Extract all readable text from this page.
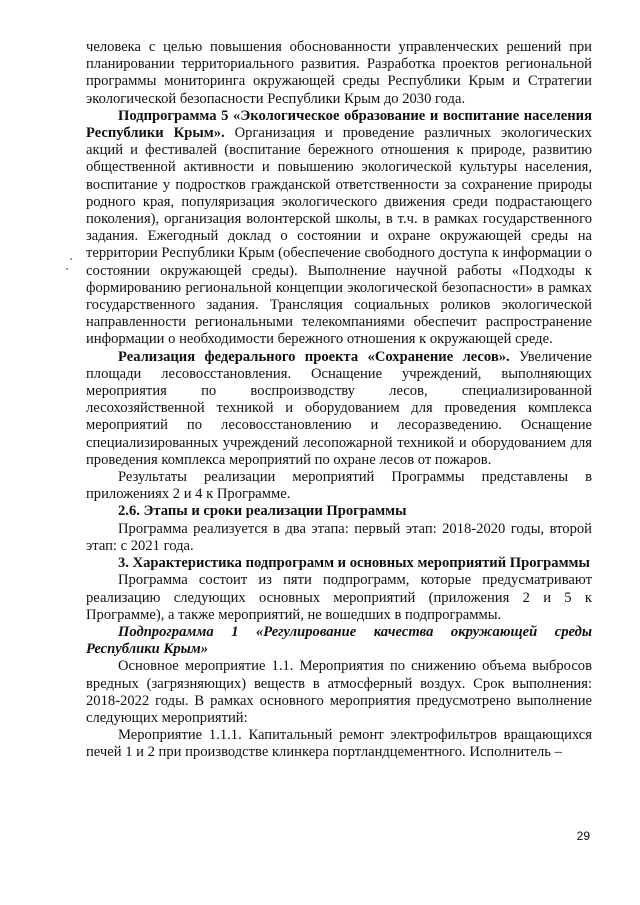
человека с целью повышения обоснованности управленческих решений при планировании территориального развития. Разработка проектов региональной программы мониторинга окружающей среды Республики Крым и Стратегии экологической безопасности Республики Крым до 2030 года.

Подпрограмма 5 «Экологическое образование и воспитание населения Республики Крым». Организация и проведение различных экологических акций и фестивалей (воспитание бережного отношения к природе, развитию общественной активности и повышению экологической культуры населения, воспитание у подростков гражданской ответственности за сохранение природы родного края, популяризация экологического движения среди подрастающего поколения), организация волонтерской школы, в т.ч. в рамках государственного задания. Ежегодный доклад о состоянии и охране окружающей среды на территории Республики Крым (обеспечение свободного доступа к информации о состоянии окружающей среды). Выполнение научной работы «Подходы к формированию региональной концепции экологической безопасности» в рамках государственного задания. Трансляция социальных роликов экологической направленности региональными телекомпаниями обеспечит распространение информации о необходимости бережного отношения к окружающей среде.

Реализация федерального проекта «Сохранение лесов». Увеличение площади лесовосстановления. Оснащение учреждений, выполняющих мероприятия по воспроизводству лесов, специализированной лесохозяйственной техникой и оборудованием для проведения комплекса мероприятий по лесовосстановлению и лесоразведению. Оснащение специализированных учреждений лесопожарной техникой и оборудованием для проведения комплекса мероприятий по охране лесов от пожаров.

Результаты реализации мероприятий Программы представлены в приложениях 2 и 4 к Программе.

2.6. Этапы и сроки реализации Программы

Программа реализуется в два этапа: первый этап: 2018-2020 годы, второй этап: с 2021 года.

3. Характеристика подпрограмм и основных мероприятий Программы

Программа состоит из пяти подпрограмм, которые предусматривают реализацию следующих основных мероприятий (приложения 2 и 5 к Программе), а также мероприятий, не вошедших в подпрограммы.

Подпрограмма 1 «Регулирование качества окружающей среды Республики Крым»

Основное мероприятие 1.1. Мероприятия по снижению объема выбросов вредных (загрязняющих) веществ в атмосферный воздух. Срок выполнения: 2018-2022 годы. В рамках основного мероприятия предусмотрено выполнение следующих мероприятий:

Мероприятие 1.1.1. Капитальный ремонт электрофильтров вращающихся печей 1 и 2 при производстве клинкера портландцементного. Исполнитель –

29
